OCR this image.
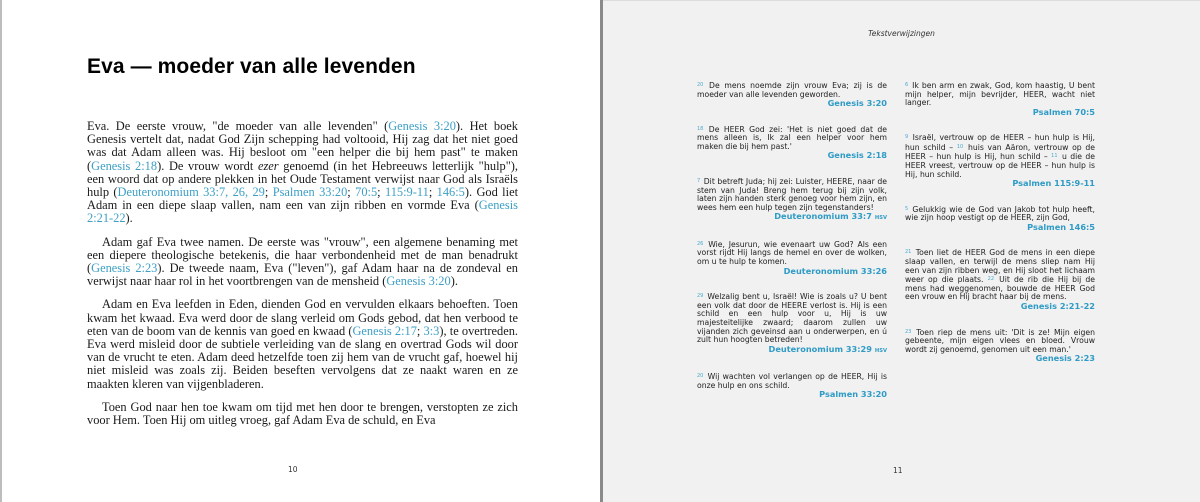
Eva — moeder van alle levenden

Eva. De eerste vrouw, "de moeder van alle levenden" (Genesis 3:20). Het boek Genesis vertelt dat, nadat God Zijn schepping had voltooid, Hij zag dat het niet goed was dat Adam alleen was. Hij besloot om "een helper die bij hem past" te maken (Genesis 2:18). De vrouw wordt ezer genoemd (in het Hebreeuws letterlijk "hulp"), een woord dat op andere plekken in het Oude Testament verwijst naar God als Israëls hulp (Deuteronomium 33:7, 26, 29; Psalmen 33:20; 70:5; 115:9-11; 146:5). God liet Adam in een diepe slaap vallen, nam een van zijn ribben en vormde Eva (Genesis 2:21-22).

Adam gaf Eva twee namen. De eerste was "vrouw", een algemene benaming met een diepere theologische betekenis, die haar verbondenheid met de man benadrukt (Genesis 2:23). De tweede naam, Eva ("leven"), gaf Adam haar na de zondeval en verwijst naar haar rol in het voortbrengen van de mensheid (Genesis 3:20).

Adam en Eva leefden in Eden, dienden God en vervulden elkaars behoeften. Toen kwam het kwaad. Eva werd door de slang verleid om Gods gebod, dat hen verbood te eten van de boom van de kennis van goed en kwaad (Genesis 2:17; 3:3), te overtreden. Eva werd misleid door de subtiele verleiding van de slang en overtrad Gods wil door van de vrucht te eten. Adam deed hetzelfde toen zij hem van de vrucht gaf, hoewel hij niet misleid was zoals zij. Beiden beseften vervolgens dat ze naakt waren en ze maakten kleren van vijgenbladeren.

Toen God naar hen toe kwam om tijd met hen door te brengen, verstopten ze zich voor Hem. Toen Hij om uitleg vroeg, gaf Adam Eva de schuld, en Eva

10
Tekstverwijzingen
$^{20}$ De mens noemde zijn vrouw Eva; zij is de moeder van alle levenden geworden.
Genesis 3:20
$^{18}$ De HEER God zei: 'Het is niet goed dat de mens alleen is, Ik zal een helper voor hem maken die bij hem past.'
Genesis 2:18
$^7$ Dit betreft Juda; hij zei: Luister, HEERE, naar de stem van Juda! Breng hem terug bij zijn volk, laten zijn handen sterk genoeg voor hem zijn, en wees hem een hulp tegen zijn tegenstanders!
Deuteronomium 33:7 HSV
$^{26}$ Wie, Jesurun, wie evenaart uw God? Als een vorst rijdt Hij langs de hemel en over de wolken, om u te hulp te komen.
Deuteronomium 33:26
$^{29}$ Welzalig bent u, Israël! Wie is zoals u? U bent een volk dat door de HEERE verlost is. Hij is een schild en een hulp voor u, Hij is uw majesteitelijke zwaard; daarom zullen uw vijanden zich geveinsd aan u onderwerpen, en ú zult hun hoogten betreden!
Deuteronomium 33:29 HSV
$^{20}$ Wij wachten vol verlangen op de HEER, Hij is onze hulp en ons schild.
Psalmen 33:20
$^6$ Ik ben arm en zwak, God, kom haastig, U bent mijn helper, mijn bevrijder, HEER, wacht niet langer.
Psalmen 70:5
$^9$ Israël, vertrouw op de HEER – hun hulp is Hij, hun schild – $^{10}$ huis van Aäron, vertrouw op de HEER – hun hulp is Hij, hun schild – $^{11}$ u die de HEER vreest, vertrouw op de HEER – hun hulp is Hij, hun schild.
Psalmen 115:9-11
$^5$ Gelukkig wie de God van Jakob tot hulp heeft, wie zijn hoop vestigt op de HEER, zijn God,
Psalmen 146:5
$^{21}$ Toen liet de HEER God de mens in een diepe slaap vallen, en terwijl de mens sliep nam Hij een van zijn ribben weg, en Hij sloot het lichaam weer op die plaats. $^{22}$ Uit de rib die Hij bij de mens had weggenomen, bouwde de HEER God een vrouw en Hij bracht haar bij de mens.
Genesis 2:21-22
$^{23}$ Toen riep de mens uit: 'Dit is ze! Mijn eigen gebeente, mijn eigen vlees en bloed. Vrouw wordt zij genoemd, genomen uit een man.'
Genesis 2:23
11
